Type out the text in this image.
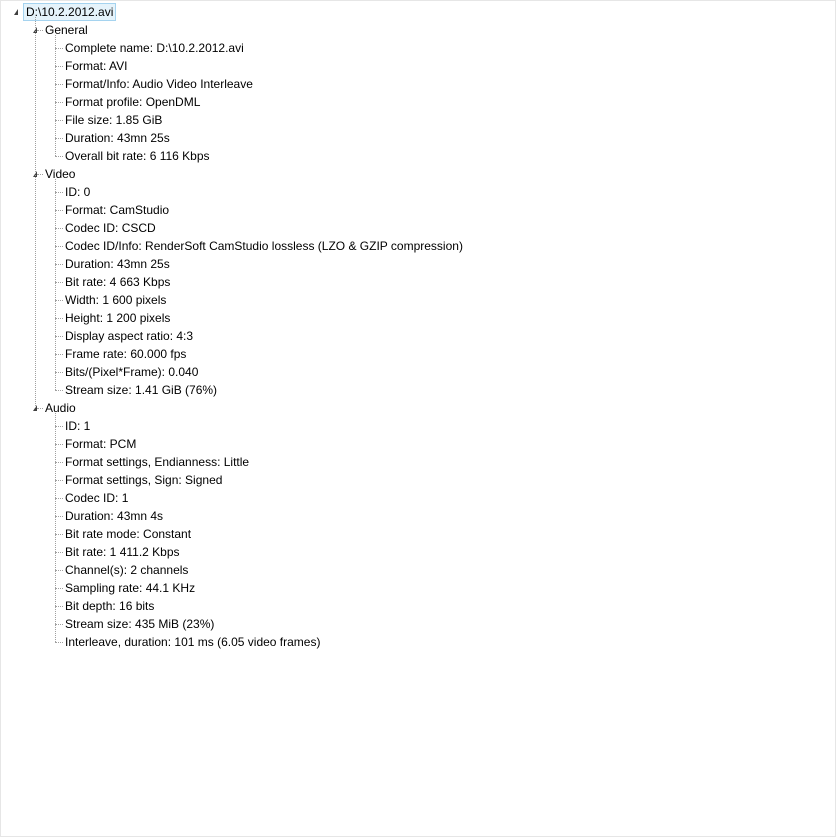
D:\10.2.2012.avi
General
Complete name: D:\10.2.2012.avi
Format: AVI
Format/Info: Audio Video Interleave
Format profile: OpenDML
File size: 1.85 GiB
Duration: 43mn 25s
Overall bit rate: 6 116 Kbps
Video
ID: 0
Format: CamStudio
Codec ID: CSCD
Codec ID/Info: RenderSoft CamStudio lossless (LZO & GZIP compression)
Duration: 43mn 25s
Bit rate: 4 663 Kbps
Width: 1 600 pixels
Height: 1 200 pixels
Display aspect ratio: 4:3
Frame rate: 60.000 fps
Bits/(Pixel*Frame): 0.040
Stream size: 1.41 GiB (76%)
Audio
ID: 1
Format: PCM
Format settings, Endianness: Little
Format settings, Sign: Signed
Codec ID: 1
Duration: 43mn 4s
Bit rate mode: Constant
Bit rate: 1 411.2 Kbps
Channel(s): 2 channels
Sampling rate: 44.1 KHz
Bit depth: 16 bits
Stream size: 435 MiB (23%)
Interleave, duration: 101 ms (6.05 video frames)
